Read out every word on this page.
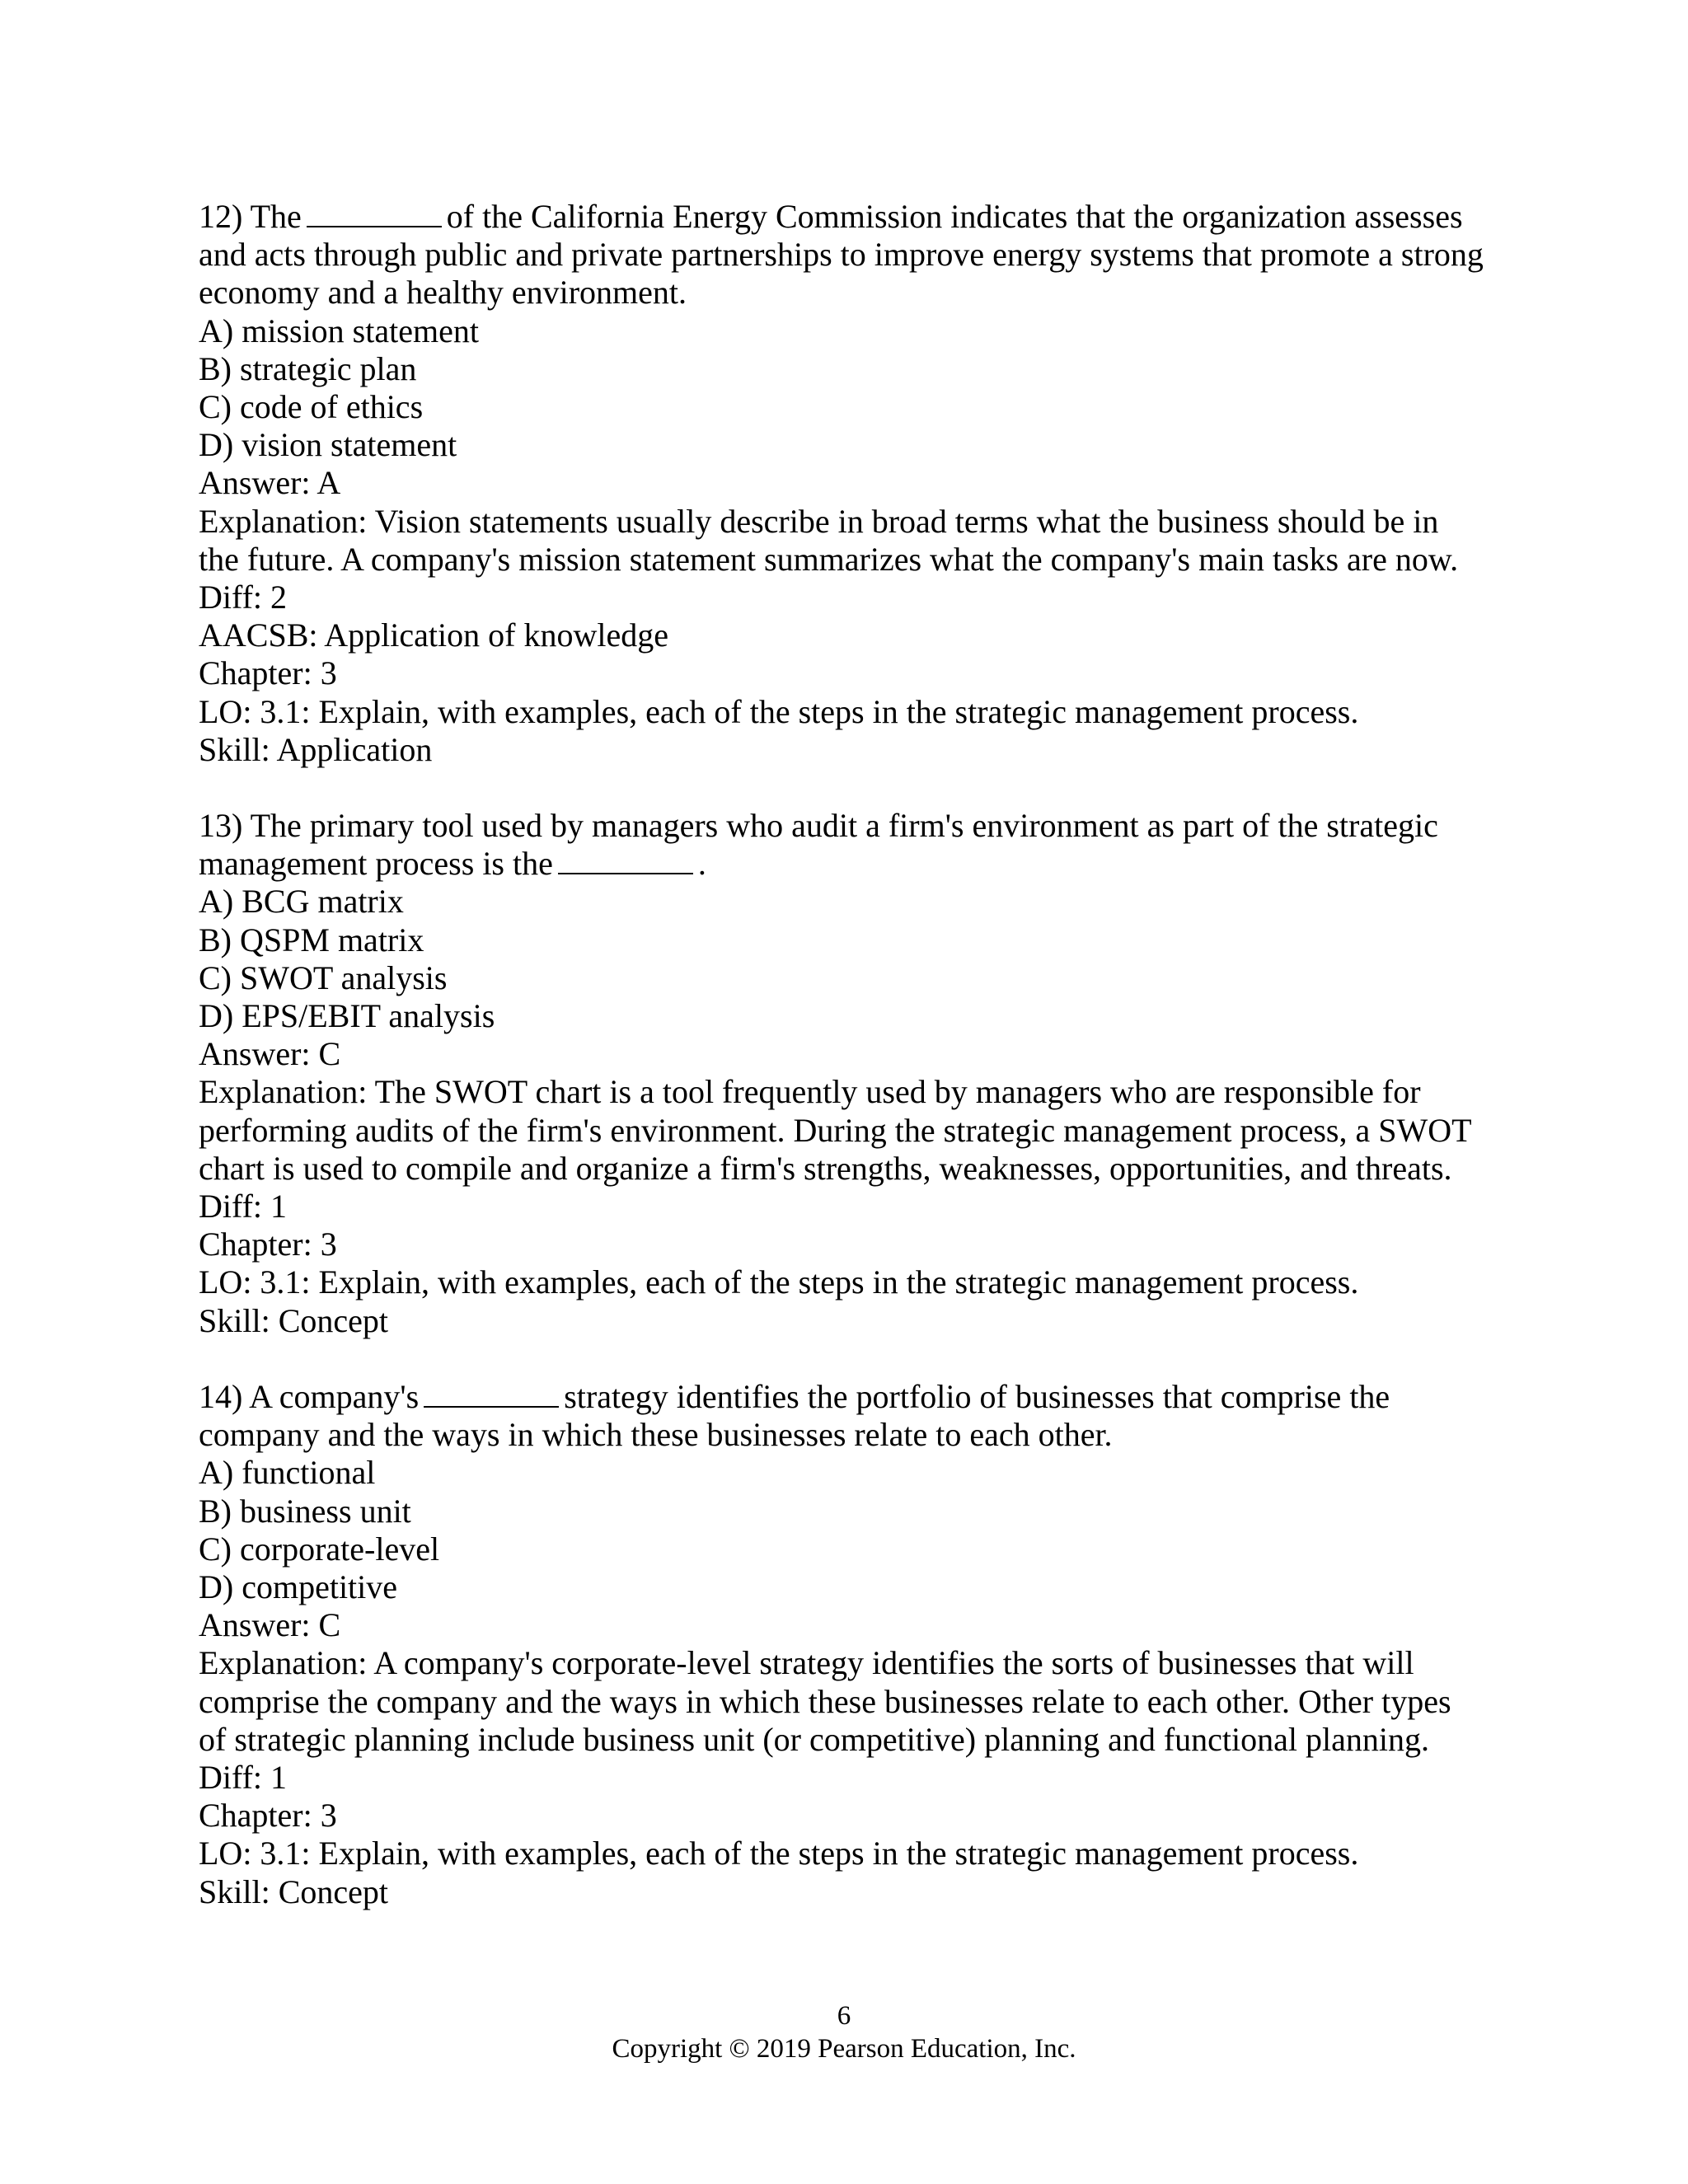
12) The	of the California Energy Commission indicates that the organization assesses
and acts through public and private partnerships to improve energy systems that promote a strong
economy and a healthy environment.
A) mission statement
B) strategic plan
C) code of ethics
D) vision statement
Answer: A
Explanation: Vision statements usually describe in broad terms what the business should be in
the future. A company's mission statement summarizes what the company's main tasks are now.
Diff: 2
AACSB: Application of knowledge
Chapter: 3
LO: 3.1: Explain, with examples, each of the steps in the strategic management process.
Skill: Application
13) The primary tool used by managers who audit a firm's environment as part of the strategic
management process is the	.
A) BCG matrix
B) QSPM matrix
C) SWOT analysis
D) EPS/EBIT analysis
Answer: C
Explanation: The SWOT chart is a tool frequently used by managers who are responsible for
performing audits of the firm's environment. During the strategic management process, a SWOT
chart is used to compile and organize a firm's strengths, weaknesses, opportunities, and threats.
Diff: 1
Chapter: 3
LO: 3.1: Explain, with examples, each of the steps in the strategic management process.
Skill: Concept
14) A company's	strategy identifies the portfolio of businesses that comprise the
company and the ways in which these businesses relate to each other.
A) functional
B) business unit
C) corporate-level
D) competitive
Answer: C
Explanation: A company's corporate-level strategy identifies the sorts of businesses that will
comprise the company and the ways in which these businesses relate to each other. Other types
of strategic planning include business unit (or competitive) planning and functional planning.
Diff: 1
Chapter: 3
LO: 3.1: Explain, with examples, each of the steps in the strategic management process.
Skill: Concept
6
Copyright © 2019 Pearson Education, Inc.
